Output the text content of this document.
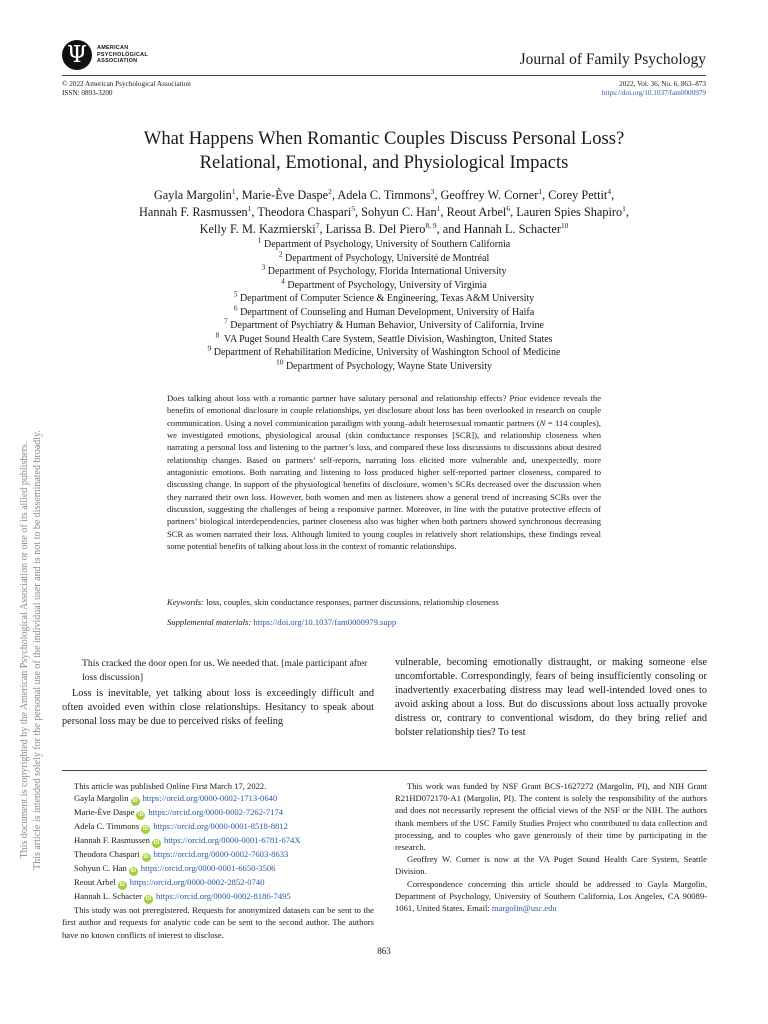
Ψ	AMERICAN
PSYCHOLOGICAL
ASSOCIATION	Journal of Family Psychology
© 2022 American Psychological Association
ISSN: 0893-3200
2022, Vol. 36, No. 6, 863–873
https://doi.org/10.1037/fam0000979
What Happens When Romantic Couples Discuss Personal Loss?
Relational, Emotional, and Physiological Impacts
Gayla Margolin$^1$, Marie-Ève Daspe$^2$, Adela C. Timmons$^3$, Geoffrey W. Corner$^1$, Corey Pettit$^4$,
Hannah F. Rasmussen$^1$, Theodora Chaspari$^5$, Sohyun C. Han$^1$, Reout Arbel$^6$, Lauren Spies Shapiro$^1$,
Kelly F. M. Kazmierski$^7$, Larissa B. Del Piero$^{8, 9}$, and Hannah L. Schacter$^{10}$
$^1$ Department of Psychology, University of Southern California
$^2$ Department of Psychology, Université de Montréal
$^3$ Department of Psychology, Florida International University
$^4$ Department of Psychology, University of Virginia
$^5$ Department of Computer Science & Engineering, Texas A&M University
$^6$ Department of Counseling and Human Development, University of Haifa
$^7$ Department of Psychiatry & Human Behavior, University of California, Irvine
$^8$ VA Puget Sound Health Care System, Seattle Division, Washington, United States
$^9$ Department of Rehabilitation Medicine, University of Washington School of Medicine
$^{10}$ Department of Psychology, Wayne State University
Does talking about loss with a romantic partner have salutary personal and relationship effects? Prior evidence reveals the benefits of emotional disclosure in couple relationships, yet disclosure about loss has been overlooked in research on couple communication. Using a novel communication paradigm with young–adult heterosexual romantic partners (N = 114 couples), we investigated emotions, physiological arousal (skin conductance responses [SCR]), and relationship closeness when narrating a personal loss and listening to the partner’s loss, and compared these loss discussions to discussions about desired relationship changes. Based on partners’ self-reports, narrating loss elicited more vulnerable and, unexpectedly, more antagonistic emotions. Both narrating and listening to loss produced higher self-reported partner closeness, compared to discussing change. In support of the physiological benefits of disclosure, women’s SCRs decreased over the discussion when they narrated their own loss. However, both women and men as listeners show a general trend of increasing SCRs over the discussion, suggesting the challenges of being a responsive partner. Moreover, in line with the putative protective effects of partners’ biological interdependencies, partner closeness also was higher when both partners showed synchronous decreasing SCR as women narrated their loss. Although limited to young couples in relatively short relationships, these findings reveal some potential benefits of talking about loss in the context of romantic relationships.
Keywords: loss, couples, skin conductance responses, partner discussions, relationship closeness
Supplemental materials: https://doi.org/10.1037/fam0000979.supp
This cracked the door open for us. We needed that. [male participant after loss discussion]
Loss is inevitable, yet talking about loss is exceedingly difficult and often avoided even within close relationships. Hesitancy to speak about personal loss may be due to perceived risks of feeling
vulnerable, becoming emotionally distraught, or making someone else uncomfortable. Correspondingly, fears of being insufficiently consoling or inadvertently exacerbating distress may lead well-intended loved ones to avoid asking about a loss. But do discussions about loss actually provoke distress or, contrary to conventional wisdom, do they bring relief and bolster relationship ties? To test
This article was published Online First March 17, 2022.
Gayla Margolin iD https://orcid.org/0000-0002-1713-0640
Marie-Ève Daspe iD https://orcid.org/0000-0002-7262-7174
Adela C. Timmons iD https://orcid.org/0000-0001-8518-8812
Hannah F. Rasmussen iD https://orcid.org/0000-0001-6781-674X
Theodora Chaspari iD https://orcid.org/0000-0002-7603-8633
Sohyun C. Han iD https://orcid.org/0000-0001-6650-3506
Reout Arbel iD https://orcid.org/0000-0002-2852-0740
Hannah L. Schacter iD https://orcid.org/0000-0002-8186-7495
This study was not preregistered. Requests for anonymized datasets can be sent to the first author and requests for analytic code can be sent to the second author. The authors have no known conflicts of interest to disclose.
This work was funded by NSF Grant BCS-1627272 (Margolin, PI), and NIH Grant R21HD072170-A1 (Margolin, PI). The content is solely the responsibility of the authors and does not necessarily represent the official views of the NSF or the NIH. The authors thank members of the USC Family Studies Project who contributed to data collection and processing, and to couples who gave generously of their time by participating in the research.
Geoffrey W. Corner is now at the VA Puget Sound Health Care System, Seattle Division.
Correspondence concerning this article should be addressed to Gayla Margolin, Department of Psychology, University of Southern California, Los Angeles, CA 90089-1061, United States. Email: margolin@usc.edu
863
This document is copyrighted by the American Psychological Association or one of its allied publishers. This article is intended solely for the personal use of the individual user and is not to be disseminated broadly.
